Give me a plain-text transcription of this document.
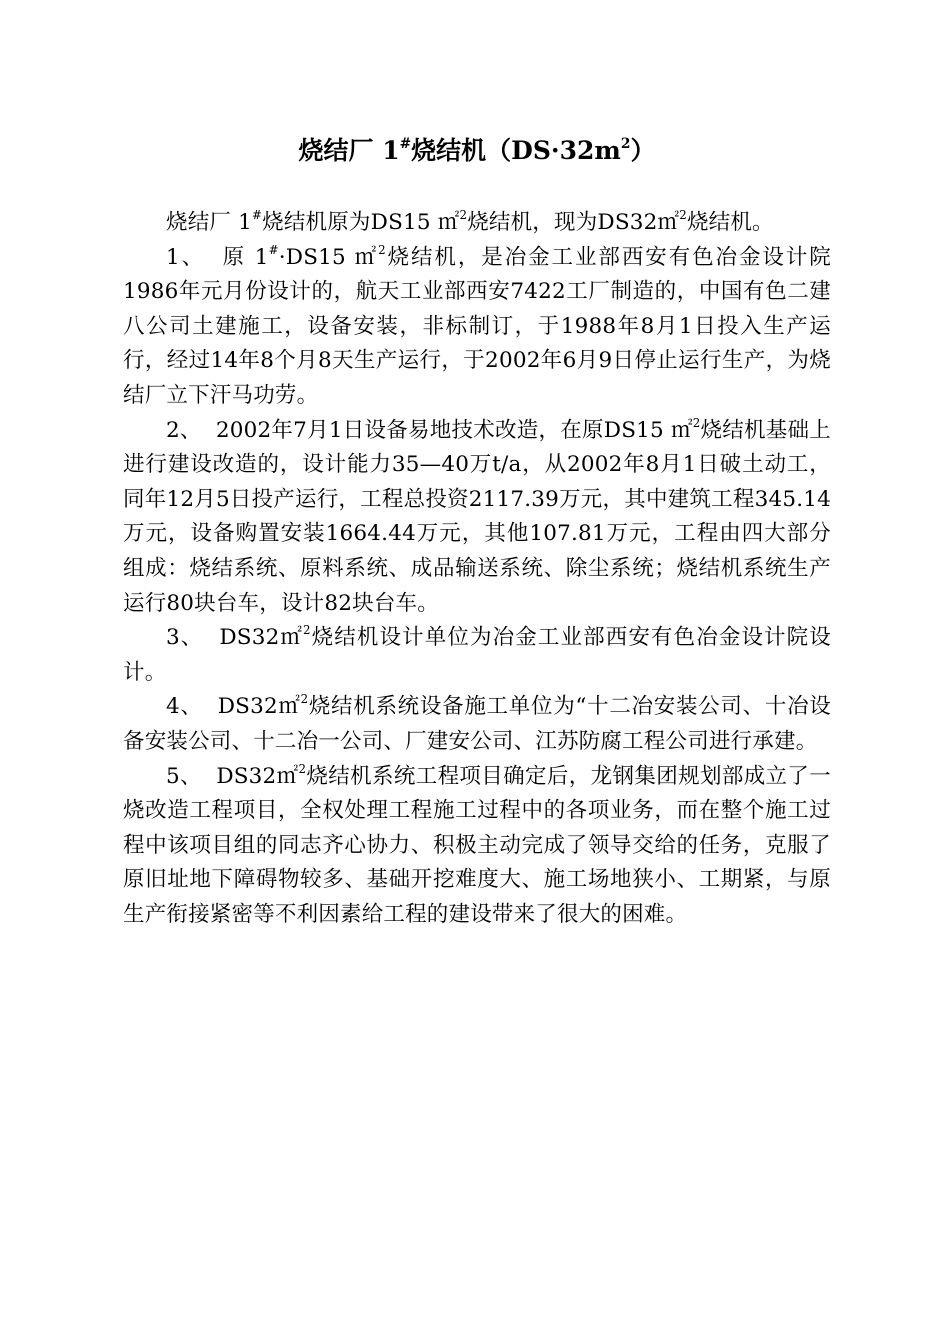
烧结厂 1#烧结机$(DS\cdot 32m^2)$

烧结厂 1#烧结机原为DS15 ㎡$^2$烧结机，现为DS32㎡$^2$烧结机。

1、  原 1#·DS15 ㎡$^2$烧结机，是冶金工业部西安有色冶金设计院1986年元月份设计的，航天工业部西安7422工厂制造的，中国有色二建八公司土建施工，设备安装，非标制订，于1988年8月1日投入生产运行，经过14年8个月8天生产运行，于2002年6月9日停止运行生产，为烧结厂立下汗马功劳。

2、  2002年7月1日设备易地技术改造，在原DS15 ㎡$^2$烧结机基础上进行建设改造的，设计能力35—40万t/a，从2002年8月1日破土动工，同年12月5日投产运行，工程总投资2117.39万元，其中建筑工程345.14万元，设备购置安装1664.44万元，其他107.81万元，工程由四大部分组成：烧结系统、原料系统、成品输送系统、除尘系统；烧结机系统生产运行80块台车，设计82块台车。

3、  DS32㎡$^2$烧结机设计单位为冶金工业部西安有色冶金设计院设计。

4、  DS32㎡$^2$烧结机系统设备施工单位为“十二冶安装公司、十冶设备安装公司、十二冶一公司、厂建安公司、江苏防腐工程公司进行承建。

5、  DS32㎡$^2$烧结机系统工程项目确定后，龙钢集团规划部成立了一烧改造工程项目，全权处理工程施工过程中的各项业务，而在整个施工过程中该项目组的同志齐心协力、积极主动完成了领导交给的任务，克服了原旧址地下障碍物较多、基础开挖难度大、施工场地狭小、工期紧，与原生产衔接紧密等不利因素给工程的建设带来了很大的困难。
